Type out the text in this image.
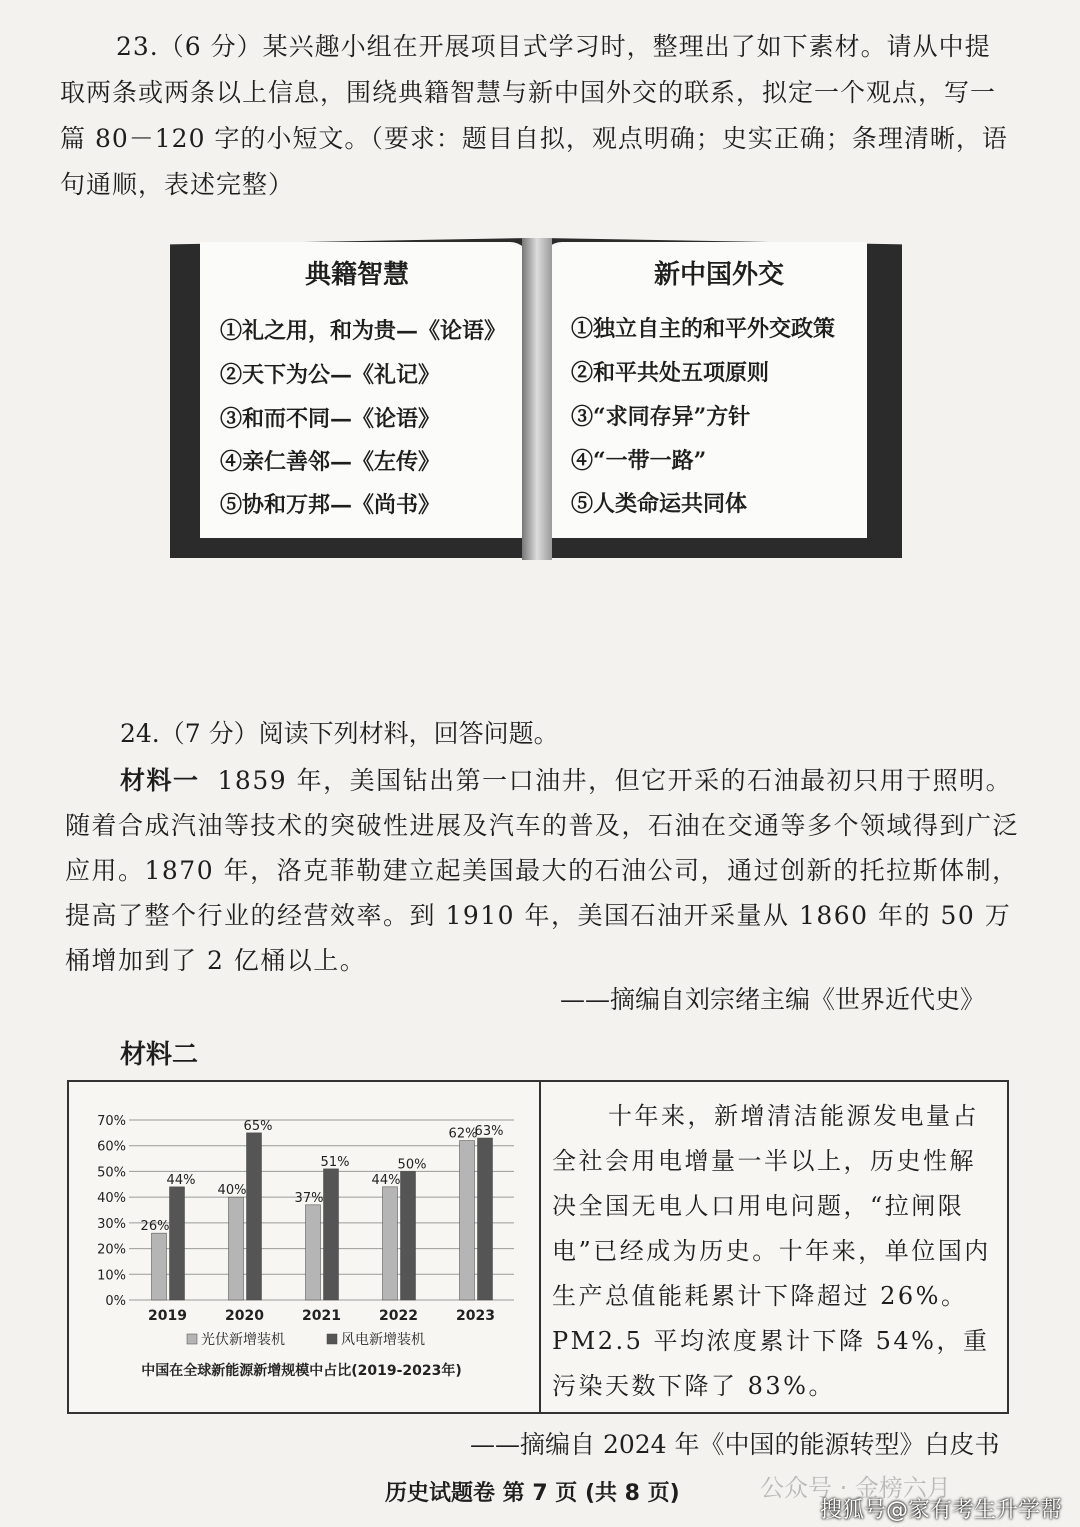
23.（6 分）某兴趣小组在开展项目式学习时，整理出了如下素材。请从中提
取两条或两条以上信息，围绕典籍智慧与新中国外交的联系，拟定一个观点，写一篇 80－120 字的小短文。（要求：题目自拟，观点明确；史实正确；条理清晰，语句通顺，表述完整）
典籍智慧
①礼之用，和为贵—《论语》
②天下为公—《礼记》
③和而不同—《论语》
④亲仁善邻—《左传》
⑤协和万邦—《尚书》
新中国外交
①独立自主的和平外交政策
②和平共处五项原则
③“求同存异”方针
④“一带一路”
⑤人类命运共同体
24.（7 分）阅读下列材料，回答问题。
材料一 1859 年，美国钻出第一口油井，但它开采的石油最初只用于照明。随着合成汽油等技术的突破性进展及汽车的普及，石油在交通等多个领域得到广泛应用。1870 年，洛克菲勒建立起美国最大的石油公司，通过创新的托拉斯体制，提高了整个行业的经营效率。到 1910 年，美国石油开采量从 1860 年的 50 万桶增加到了 2 亿桶以上。
——摘编自刘宗绪主编《世界近代史》
材料二
0%
10%
20%
30%
40%
50%
60%
70%
26%
44%
2019
40%
65%
2020
37%
51%
2021
44%
50%
2022
62%
63%
2023
光伏新增装机	风电新增装机
中国在全球新能源新增规模中占比(2019-2023年)
十年来，新增清洁能源发电量占
全社会用电增量一半以上，历史性解决全国无电人口用电问题，“拉闸限电”已经成为历史。十年来，单位国内生产总值能耗累计下降超过 26%。PM2.5 平均浓度累计下降 54%，重污染天数下降了 83%。
——摘编自 2024 年《中国的能源转型》白皮书
历史试题卷 第 7 页 (共 8 页)	公众号 · 金榜六月
搜狐号@家有考生升学帮
